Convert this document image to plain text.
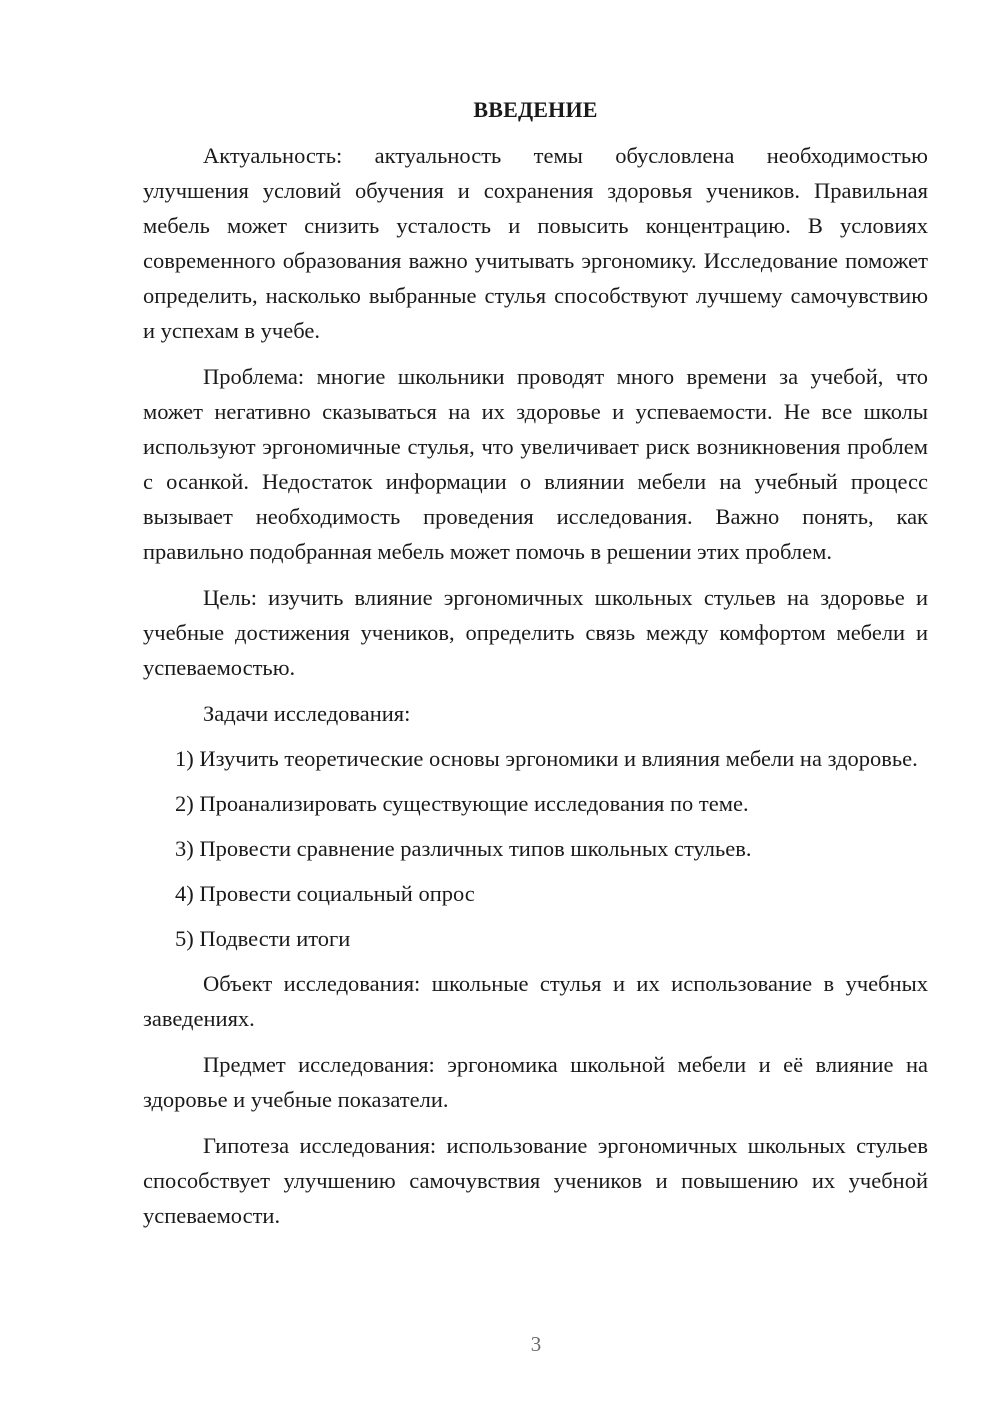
ВВЕДЕНИЕ

Актуальность: актуальность темы обусловлена необходимостью улучшения условий обучения и сохранения здоровья учеников. Правильная мебель может снизить усталость и повысить концентрацию. В условиях современного образования важно учитывать эргономику. Исследование поможет определить, насколько выбранные стулья способствуют лучшему самочувствию и успехам в учебе.

Проблема: многие школьники проводят много времени за учебой, что может негативно сказываться на их здоровье и успеваемости. Не все школы используют эргономичные стулья, что увеличивает риск возникновения проблем с осанкой. Недостаток информации о влиянии мебели на учебный процесс вызывает необходимость проведения исследования. Важно понять, как правильно подобранная мебель может помочь в решении этих проблем.

Цель: изучить влияние эргономичных школьных стульев на здоровье и учебные достижения учеников, определить связь между комфортом мебели и успеваемостью.

Задачи исследования:

1) Изучить теоретические основы эргономики и влияния мебели на здоровье.

2) Проанализировать существующие исследования по теме.

3) Провести сравнение различных типов школьных стульев.

4) Провести социальный опрос

5) Подвести итоги

Объект исследования: школьные стулья и их использование в учебных заведениях.

Предмет исследования: эргономика школьной мебели и её влияние на здоровье и учебные показатели.

Гипотеза исследования: использование эргономичных школьных стульев способствует улучшению самочувствия учеников и повышению их учебной успеваемости.

3
